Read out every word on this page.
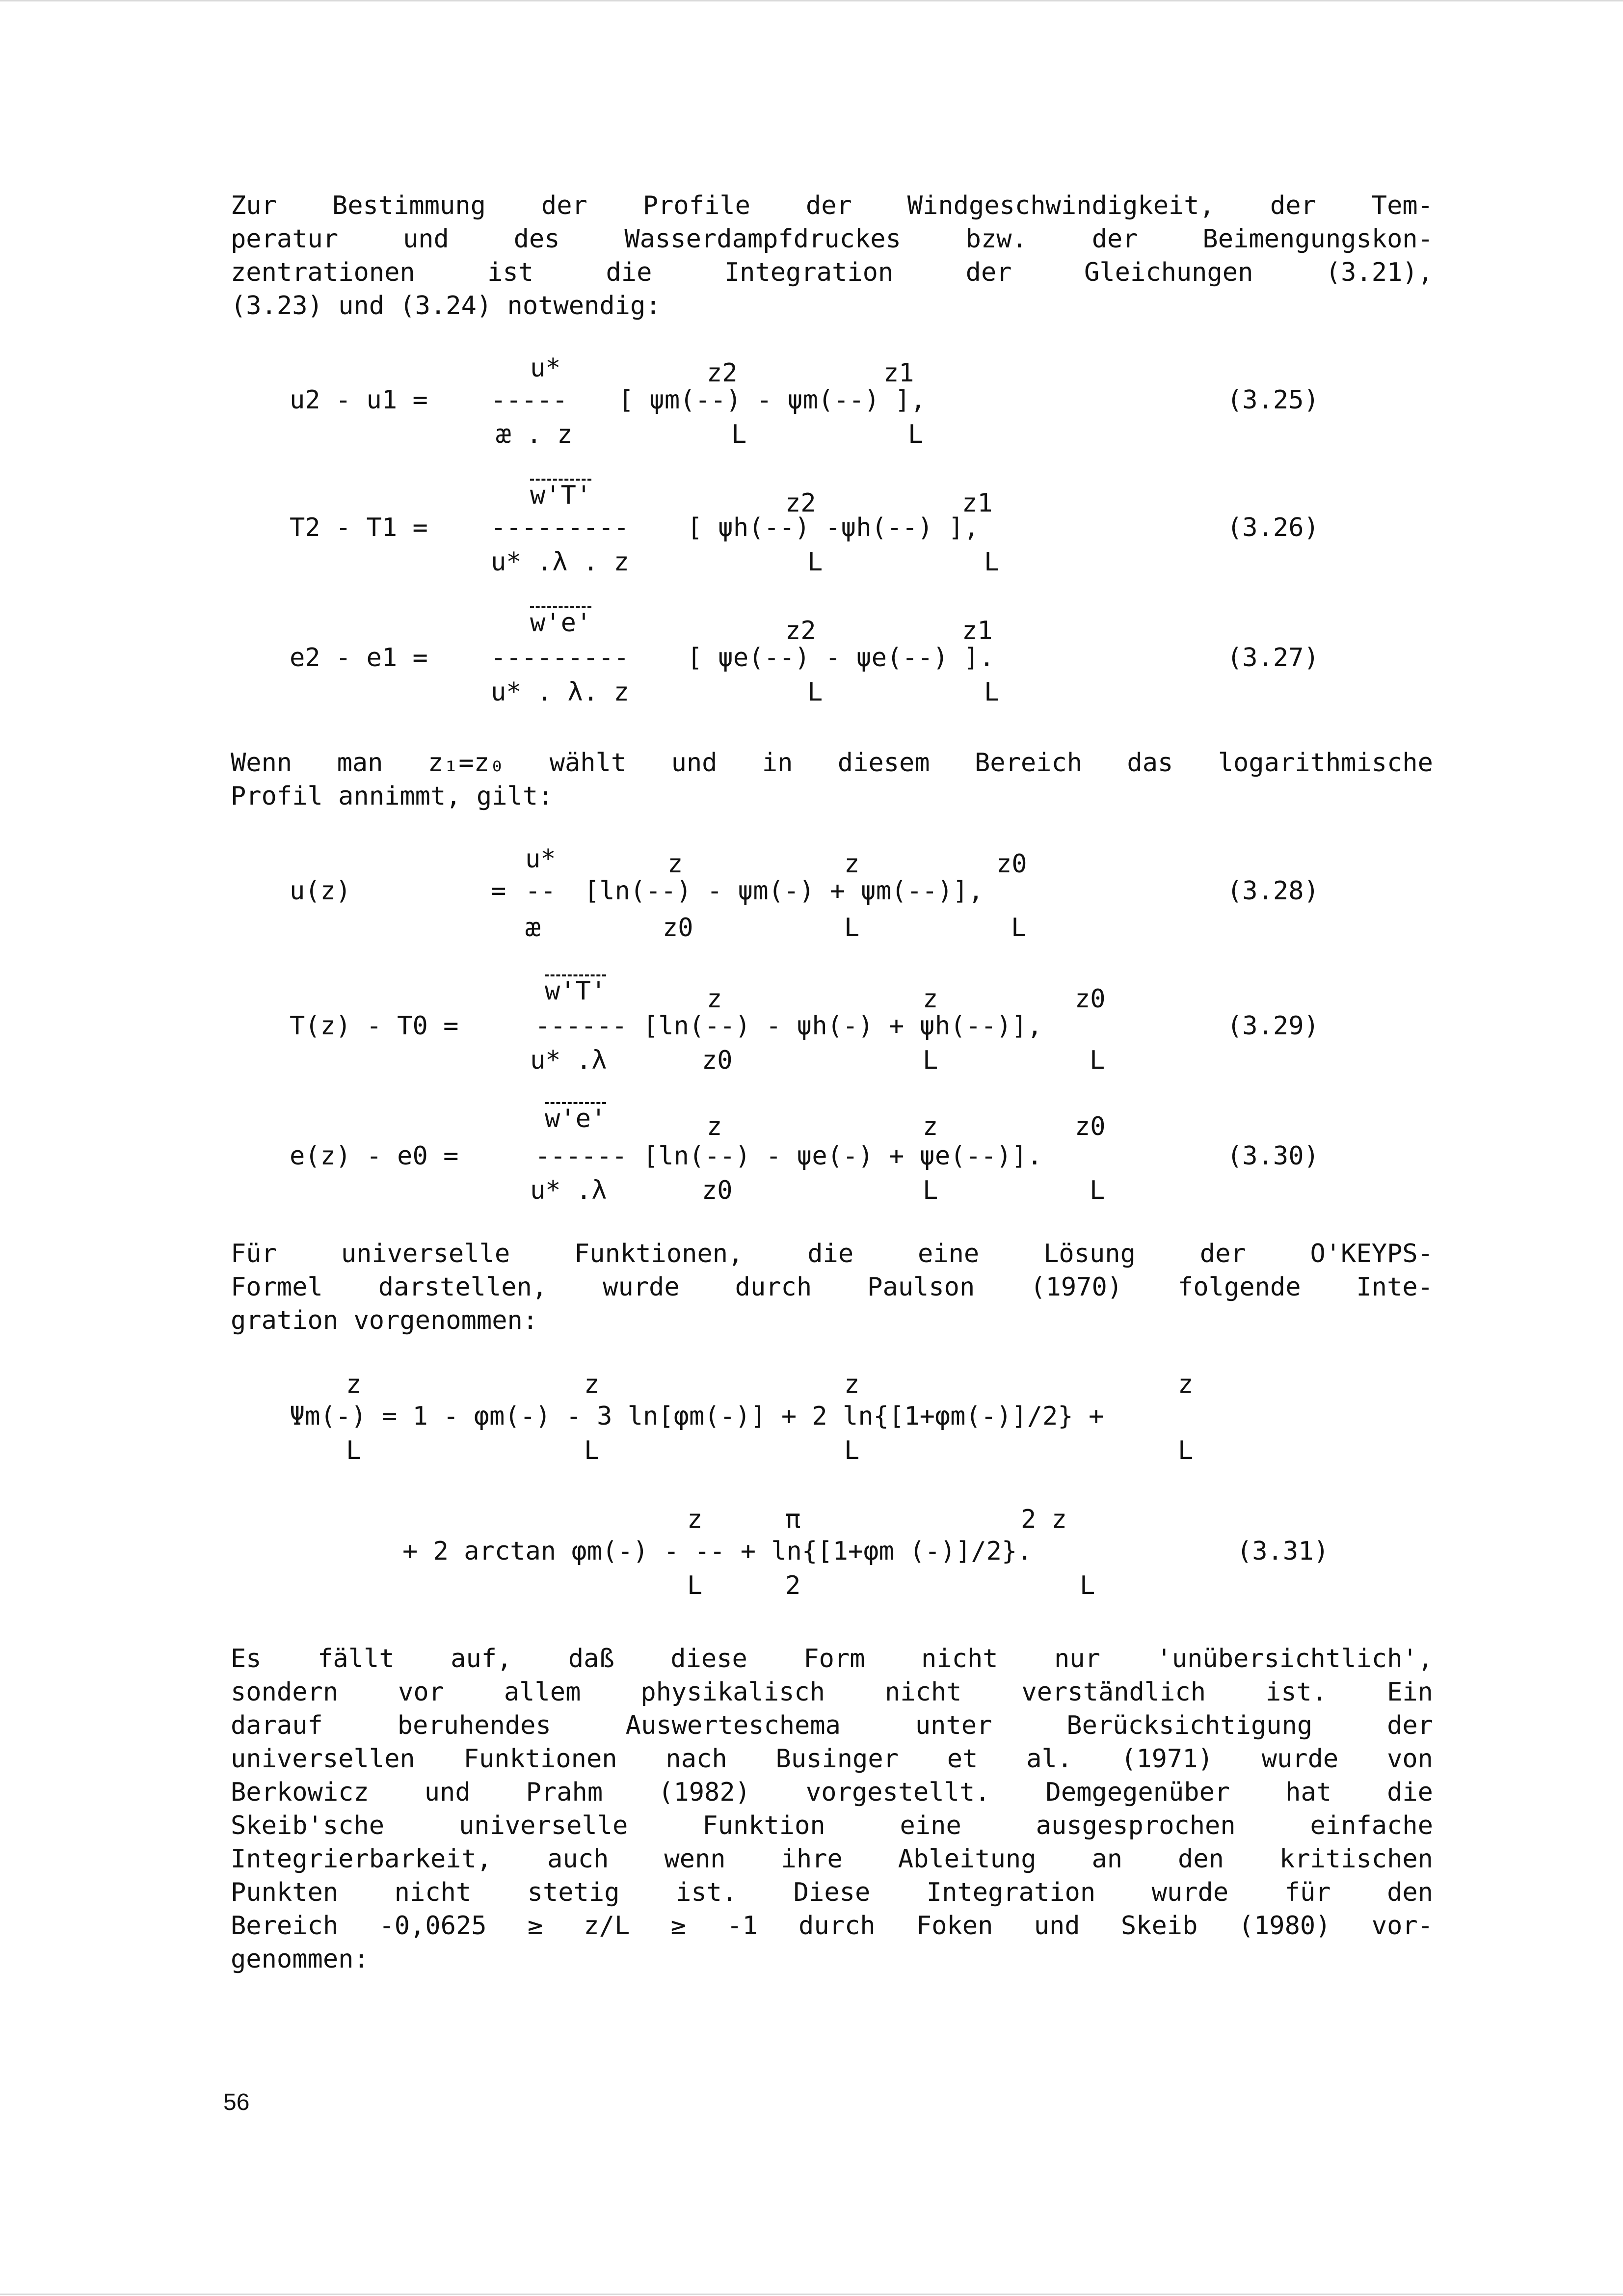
Zur Bestimmung der Profile der Windgeschwindigkeit, der Tem-
peratur und des Wasserdampfdruckes bzw. der Beimengungskon-
zentrationen ist die Integration der Gleichungen (3.21),
(3.23) und (3.24) notwendig:

u*

	z2

	z1

u2 - u1 =

-----

[ ψm(--) - ψm(--) ],

æ . z

	L

	L

(3.25)

w'T'

	z2

	z1

T2 - T1 =

---------

[ ψh(--) -ψh(--) ],

u* .λ . z

	L

	L

(3.26)

w'e'

	z2

	z1

e2 - e1 =

---------

[ ψe(--) - ψe(--) ].

u* . λ. z

	L

	L

(3.27)
Wenn man z₁=z₀ wählt und in diesem Bereich das logarithmische
Profil annimmt, gilt:

u*

	z

	z

	z0

u(z)

	=

--

[ln(--) - ψm(-) + ψm(--)],

æ

	z0

	L

	L

(3.28)

w'T'

	z

	z

	z0

T(z) - T0 =

	------

[ln(--) - ψh(-) + ψh(--)],

u* .λ

	z0

	L

	L

(3.29)

w'e'

	z

	z

	z0

e(z) - e0 =

	------

[ln(--) - ψe(-) + ψe(--)].

u* .λ

	z0

	L

	L

(3.30)
Für universelle Funktionen, die eine Lösung der O'KEYPS-
Formel darstellen, wurde durch Paulson (1970) folgende Inte-
gration vorgenommen:

z

	z

	z

	z

Ψm(-) = 1 - φm(-) - 3 ln[φm(-)] + 2 ln{[1+φm(-)]/2} +

L

	L

	L

	L

z

	π

	2 z

+ 2 arctan φm(-) - -- + ln{[1+φm (-)]/2}.

L

	2

	L

(3.31)
Es fällt auf, daß diese Form nicht nur 'unübersichtlich',
sondern vor allem physikalisch nicht verständlich ist. Ein
darauf beruhendes Auswerteschema unter Berücksichtigung der
universellen Funktionen nach Businger et al. (1971) wurde von
Berkowicz und Prahm (1982) vorgestellt. Demgegenüber hat die
Skeib'sche universelle Funktion eine ausgesprochen einfache
Integrierbarkeit, auch wenn ihre Ableitung an den kritischen
Punkten nicht stetig ist. Diese Integration wurde für den
Bereich -0,0625 ≥ z/L ≥ -1 durch Foken und Skeib (1980) vor-
genommen:
56
